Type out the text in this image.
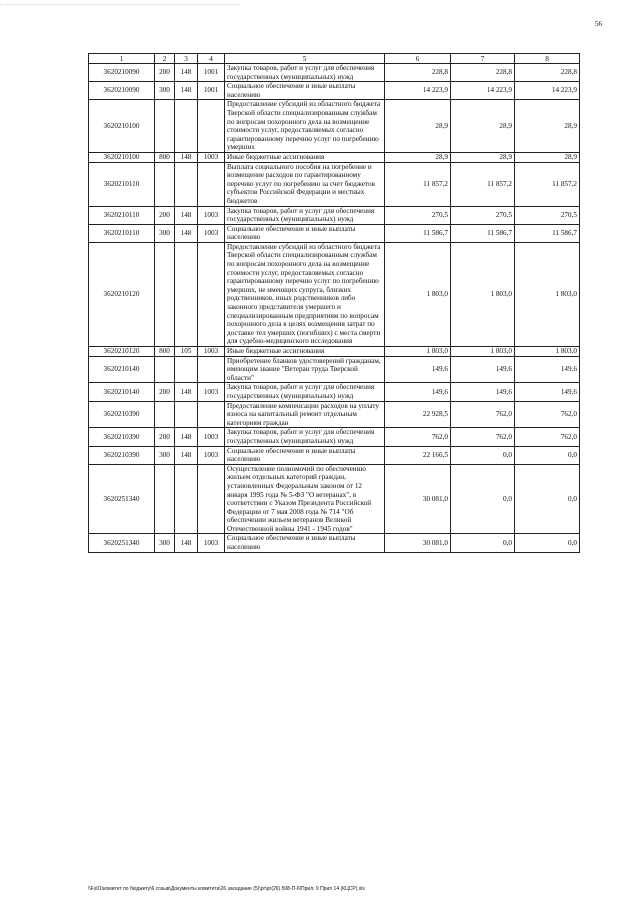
56
1	2	3	4	5	6	7	8
3620210090	200	148	1001	Закупка товаров, работ и услуг для обеспечения государственных (муниципальных) нужд	228,8	228,8	228,8
3620210090	300	148	1001	Социальное обеспечение и иные выплаты населению	14 223,9	14 223,9	14 223,9
3620210100				Предоставление субсидий из областного бюджета Тверской области специализированным службам по вопросам похоронного дела на возмещение стоимости услуг, предоставляемых согласно гарантированному перечню услуг по погребению умерших	28,9	28,9	28,9
3620210100	800	148	1003	Иные бюджетные ассигнования	28,9	28,9	28,9
3620210110				Выплата социального пособия на погребение и возмещение расходов по гарантированному перечню услуг по погребению за счет бюджетов субъектов Российской Федерации и местных бюджетов	11 857,2	11 857,2	11 857,2
3620210110	200	148	1003	Закупка товаров, работ и услуг для обеспечения государственных (муниципальных) нужд	270,5	270,5	270,5
3620210110	300	148	1003	Социальное обеспечение и иные выплаты населению	11 586,7	11 586,7	11 586,7
3620210120				Предоставление субсидий из областного бюджета Тверской области специализированным службам по вопросам похоронного дела на возмещение стоимости услуг, предоставляемых согласно гарантированному перечню услуг по погребению умерших, не имеющих супруга, близких родственников, иных родственников либо законного представителя умершего и специализированным предприятиям по вопросам похоронного дела в целях возмещения затрат по доставке тел умерших (погибших) с места смерти для судебно-медицинского исследования	1 803,0	1 803,0	1 803,0
3620210120	800	105	1003	Иные бюджетные ассигнования	1 803,0	1 803,0	1 803,0
3620210140				Приобретение бланков удостоверений гражданам, имеющим звание "Ветеран труда Тверской области"	149,6	149,6	149,6
3620210140	200	148	1003	Закупка товаров, работ и услуг для обеспечения государственных (муниципальных) нужд	149,6	149,6	149,6
3620210390				Предоставление компенсации расходов на уплату взноса на капитальный ремонт отдельным категориям граждан	22 928,5	762,0	762,0
3620210390	200	148	1003	Закупка товаров, работ и услуг для обеспечения государственных (муниципальных) нужд	762,0	762,0	762,0
3620210390	300	148	1003	Социальное обеспечение и иные выплаты населению	22 166,5	0,0	0,0
3620251340				Осуществление полномочий по обеспечению жильем отдельных категорий граждан, установленных Федеральным законом от 12 января 1995 года № 5-ФЗ "О ветеранах", в соответствии с Указом Президента Российской Федерации от 7 мая 2008 года № 714 "Об обеспечении жильем ветеранов Великой Отечественной войны 1941 - 1945 годов"	30 081,0	0,0	0,0
3620251340	300	148	1003	Социальное обеспечение и иные выплаты населению	30 081,0	0,0	0,0
\\Fs01\комитет по бюджету\6 созыв\Документы комитета\26 заседание (5)\рг\рг(26) 508-П-6\Прил. 9 Прил 14 (КЦСР).xls
